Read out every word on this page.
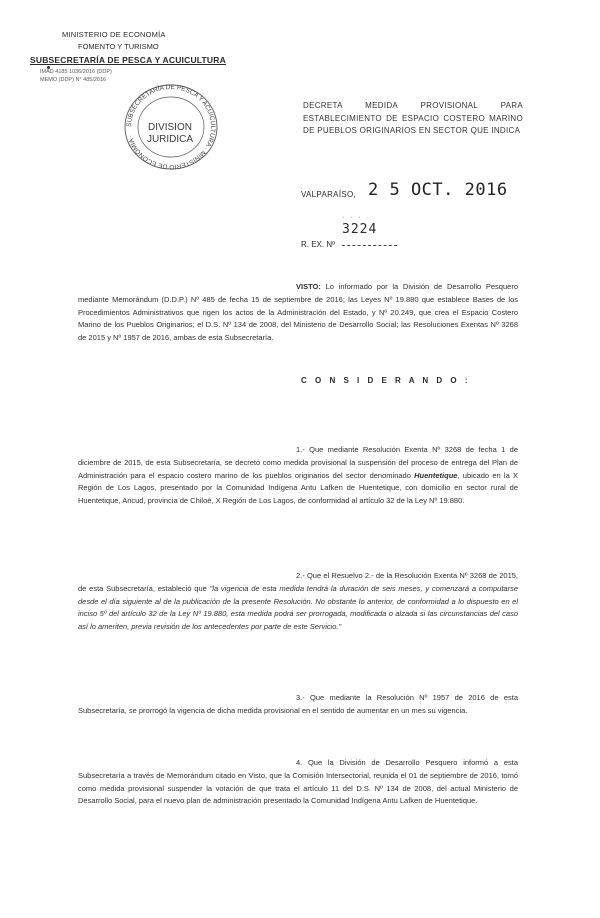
MINISTERIO DE ECONOMÍA
FOMENTO Y TURISMO
SUBSECRETARÍA DE PESCA Y ACUICULTURA
IMAD 4185 1036/2016 (DDP)
MEMO (DDP) N° 485/2016
SUBSECRETARÍA DE PESCA Y ACUICULTURA · MINISTERIO DE ECONOMÍA ·
DIVISION
JURIDICA
DECRETA MEDIDA PROVISIONAL PARA ESTABLECIMIENTO DE ESPACIO COSTERO MARINO DE PUEBLOS ORIGINARIOS EN SECTOR QUE INDICA
VALPARAÍSO, 2 5 OCT. 2016
· · ·
3224
R. EX. Nº
VISTO: Lo informado por la División de Desarrollo Pesquero mediante Memorándum (D.D.P.) Nº 485 de fecha 15 de septiembre de 2016; las Leyes Nº 19.880 que establece Bases de los Procedimientos Administrativos que rigen los actos de la Administración del Estado, y Nº 20.249, que crea el Espacio Costero Marino de los Pueblos Originarios; el D.S. Nº 134 de 2008, del Ministerio de Desarrollo Social; las Resoluciones Exentas Nº 3268 de 2015 y Nº 1957 de 2016, ambas de esta Subsecretaría.
C O N S I D E R A N D O :
1.- Que mediante Resolución Exenta Nº 3268 de fecha 1 de diciembre de 2015, de esta Subsecretaría, se decretó como medida provisional la suspensión del proceso de entrega del Plan de Administración para el espacio costero marino de los pueblos originarios del sector denominado Huentetique, ubicado en la X Región de Los Lagos, presentado por la Comunidad Indígena Antu Lafken de Huentetique, con domicilio en sector rural de Huentetique, Ancud, provincia de Chiloé, X Región de Los Lagos, de conformidad al artículo 32 de la Ley Nº 19.880.
2.- Que el Resuelvo 2.- de la Resolución Exenta Nº 3268 de 2015, de esta Subsecretaría, estableció que "la vigencia de esta medida tendrá la duración de seis meses, y comenzará a computarse desde el día siguiente al de la publicación de la presente Resolución. No obstante lo anterior, de conformidad a lo dispuesto en el inciso 5º del artículo 32 de la Ley Nº 19.880, esta medida podrá ser prorrogada, modificada o alzada si las circunstancias del caso así lo ameriten, previa revisión de los antecedentes por parte de este Servicio."
3.- Que mediante la Resolución Nº 1957 de 2016 de esta Subsecretaría, se prorrogó la vigencia de dicha medida provisional en el sentido de aumentar en un mes su vigencia.
4. Que la División de Desarrollo Pesquero informó a esta Subsecretaría a través de Memorándum citado en Visto, que la Comisión Intersectorial, reunida el 01 de septiembre de 2016, tomó como medida provisional suspender la votación de que trata el artículo 11 del D.S. Nº 134 de 2008, del actual Ministerio de Desarrollo Social, para el nuevo plan de administración presentado la Comunidad Indígena Antu Lafken de Huentetique.
